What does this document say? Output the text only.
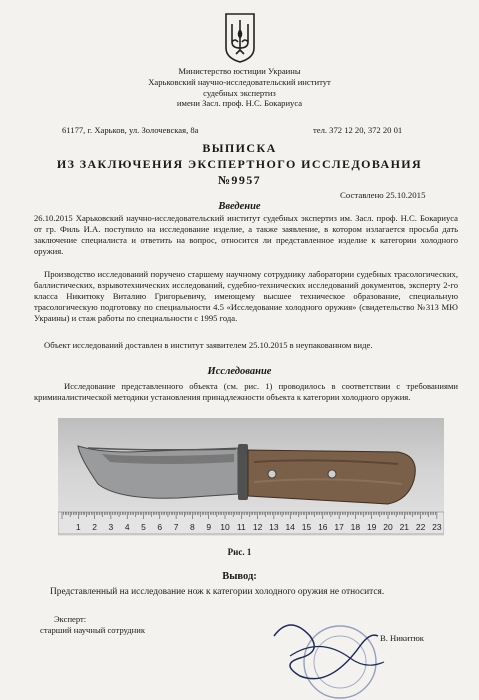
Министерство юстиции Украины
Харьковский научно-исследовательский институт
судебных экспертиз
имени Засл. проф. Н.С. Бокариуса
61177, г. Харьков, ул. Золочевская, 8а	тел. 372 12 20, 372 20 01
ВЫПИСКА
ИЗ ЗАКЛЮЧЕНИЯ ЭКСПЕРТНОГО ИССЛЕДОВАНИЯ
№9957
Составлено 25.10.2015
Введение
26.10.2015 Харьковский научно-исследовательский институт судебных экспертиз им. Засл. проф. Н.С. Бокариуса от гр. Филь И.А. поступило на исследование изделие, а также заявление, в котором излагается просьба дать заключение специалиста и ответить на вопрос, относится ли представленное изделие к категории холодного оружия.
Производство исследований поручено старшему научному сотруднику лаборатории судебных трасологических, баллистических, взрывотехнических исследований, судебно-технических исследований документов, эксперту 2-го класса Никитюку Виталию Григорьевичу, имеющему высшее техническое образование, специальную трасологическую подготовку по специальности 4.5 «Исследование холодного оружия» (свидетельство №313 МЮ Украины) и стаж работы по специальности с 1995 года.
Объект исследований доставлен в институт заявителем 25.10.2015 в неупакованном виде.
Исследование
Исследование представленного объекта (см. рис. 1) проводилось в соответствии с требованиями криминалистической методики установления принадлежности объекта к категории холодного оружия.
1 2 3 4 5 6 7 8 9 10 11 12 13 14 15 16 17 18 19 20 21 22 23
Рис. 1
Вывод:
Представленный на исследование нож к категории холодного оружия не относится.
Эксперт:
старший научный сотрудник
В. Никитюк
